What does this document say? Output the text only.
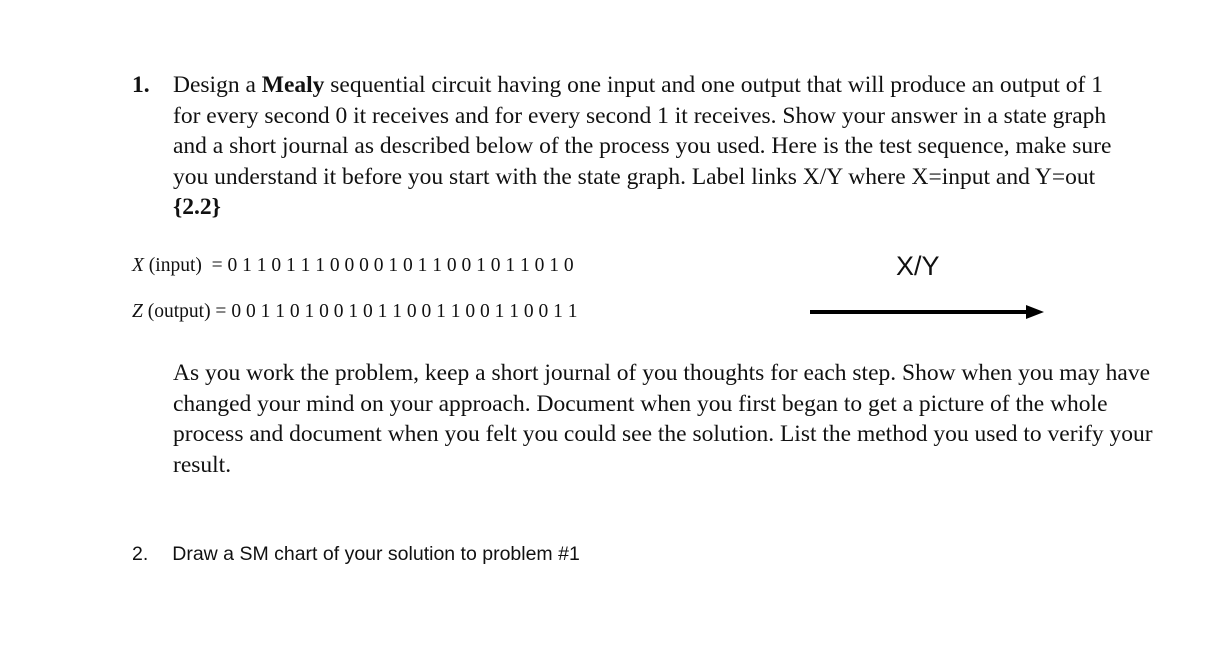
1. Design a Mealy sequential circuit having one input and one output that will produce an output of 1 for every second 0 it receives and for every second 1 it receives. Show your answer in a state graph and a short journal as described below of the process you used. Here is the test sequence, make sure you understand it before you start with the state graph. Label links X/Y where X=input and Y=out {2.2}
X (input)  = 0 1 1 0 1 1 1 0 0 0 0 1 0 1 1 0 0 1 0 1 1 0 1 0
Z (output) = 0 0 1 1 0 1 0 0 1 0 1 1 0 0 1 1 0 0 1 1 0 0 1 1
X/Y
As you work the problem, keep a short journal of you thoughts for each step. Show when you may have changed your mind on your approach. Document when you first began to get a picture of the whole process and document when you felt you could see the solution. List the method you used to verify your result.
2. Draw a SM chart of your solution to problem #1
